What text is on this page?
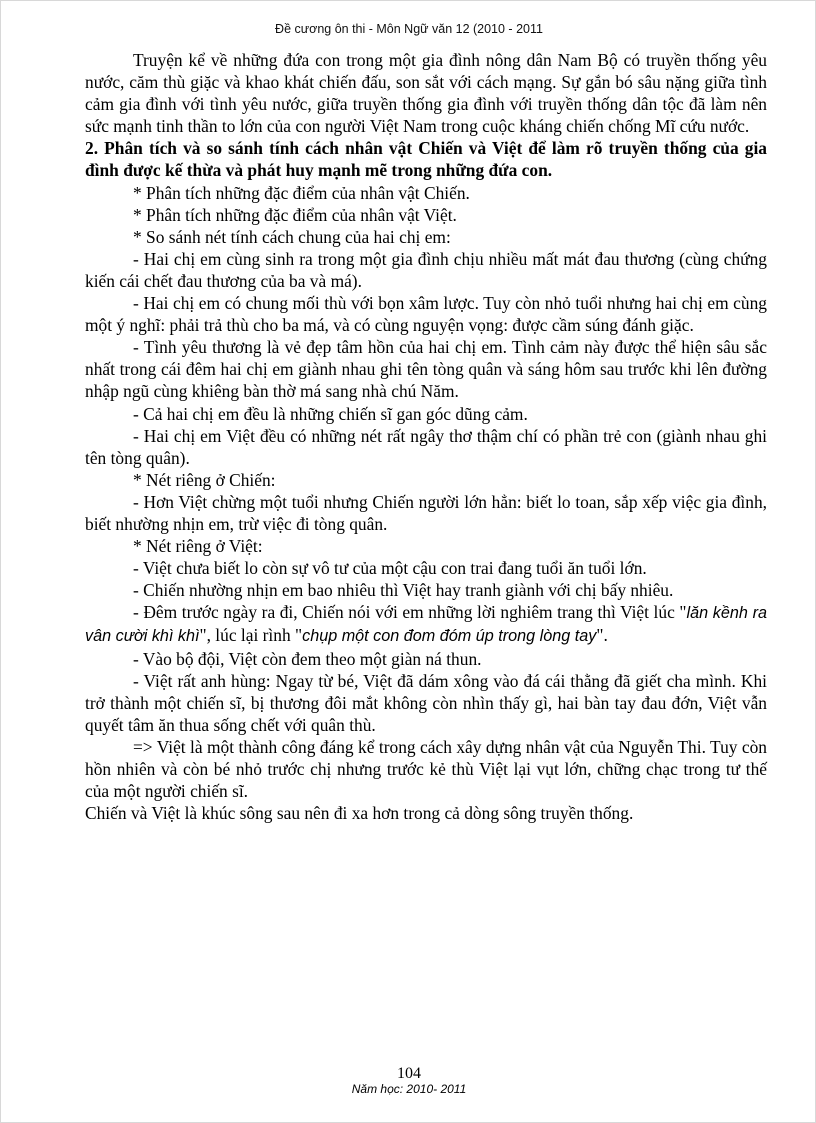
Đề cương ôn thi - Môn Ngữ văn 12 (2010 - 2011

Truyện kể về những đứa con trong một gia đình nông dân Nam Bộ có truyền thống yêu nước, căm thù giặc và khao khát chiến đấu, son sắt với cách mạng. Sự gắn bó sâu nặng giữa tình cảm gia đình với tình yêu nước, giữa truyền thống gia đình với truyền thống dân tộc đã làm nên sức mạnh tinh thần to lớn của con người Việt Nam trong cuộc kháng chiến chống Mĩ cứu nước.

2. Phân tích và so sánh tính cách nhân vật Chiến và Việt để làm rõ truyền thống của gia đình được kế thừa và phát huy mạnh mẽ trong những đứa con.

* Phân tích những đặc điểm của nhân vật Chiến.

* Phân tích những đặc điểm của nhân vật Việt.

* So sánh nét tính cách chung của hai chị em:

- Hai chị em cùng sinh ra trong một gia đình chịu nhiều mất mát đau thương (cùng chứng kiến cái chết đau thương của ba và má).

- Hai chị em có chung mối thù với bọn xâm lược. Tuy còn nhỏ tuổi nhưng hai chị em cùng một ý nghĩ: phải trả thù cho ba má, và có cùng nguyện vọng: được cầm súng đánh giặc.

- Tình yêu thương là vẻ đẹp tâm hồn của hai chị em. Tình cảm này được thể hiện sâu sắc nhất trong cái đêm hai chị em giành nhau ghi tên tòng quân và sáng hôm sau trước khi lên đường nhập ngũ cùng khiêng bàn thờ má sang nhà chú Năm.

- Cả hai chị em đều là những chiến sĩ gan góc dũng cảm.

- Hai chị em Việt đều có những nét rất ngây thơ thậm chí có phần trẻ con (giành nhau ghi tên tòng quân).

* Nét riêng ở Chiến:

- Hơn Việt chừng một tuổi nhưng Chiến người lớn hẳn: biết lo toan, sắp xếp việc gia đình, biết nhường nhịn em, trừ việc đi tòng quân.

* Nét riêng ở Việt:

- Việt chưa biết lo còn sự vô tư của một cậu con trai đang tuổi ăn tuổi lớn.

- Chiến nhường nhịn em bao nhiêu thì Việt hay tranh giành với chị bấy nhiêu.

- Đêm trước ngày ra đi, Chiến nói với em những lời nghiêm trang thì Việt lúc "lăn kềnh ra vân cười khì khì", lúc lại rình "chụp một con đom đóm úp trong lòng tay".

- Vào bộ đội, Việt còn đem theo một giàn ná thun.

- Việt rất anh hùng: Ngay từ bé, Việt đã dám xông vào đá cái thằng đã giết cha mình. Khi trở thành một chiến sĩ, bị thương đôi mắt không còn nhìn thấy gì, hai bàn tay đau đớn, Việt vẫn quyết tâm ăn thua sống chết với quân thù.

=> Việt là một thành công đáng kể trong cách xây dựng nhân vật của Nguyễn Thi. Tuy còn hồn nhiên và còn bé nhỏ trước chị nhưng trước kẻ thù Việt lại vụt lớn, chững chạc trong tư thế của một người chiến sĩ.

Chiến và Việt là khúc sông sau nên đi xa hơn trong cả dòng sông truyền thống.

104
Năm học: 2010- 2011
